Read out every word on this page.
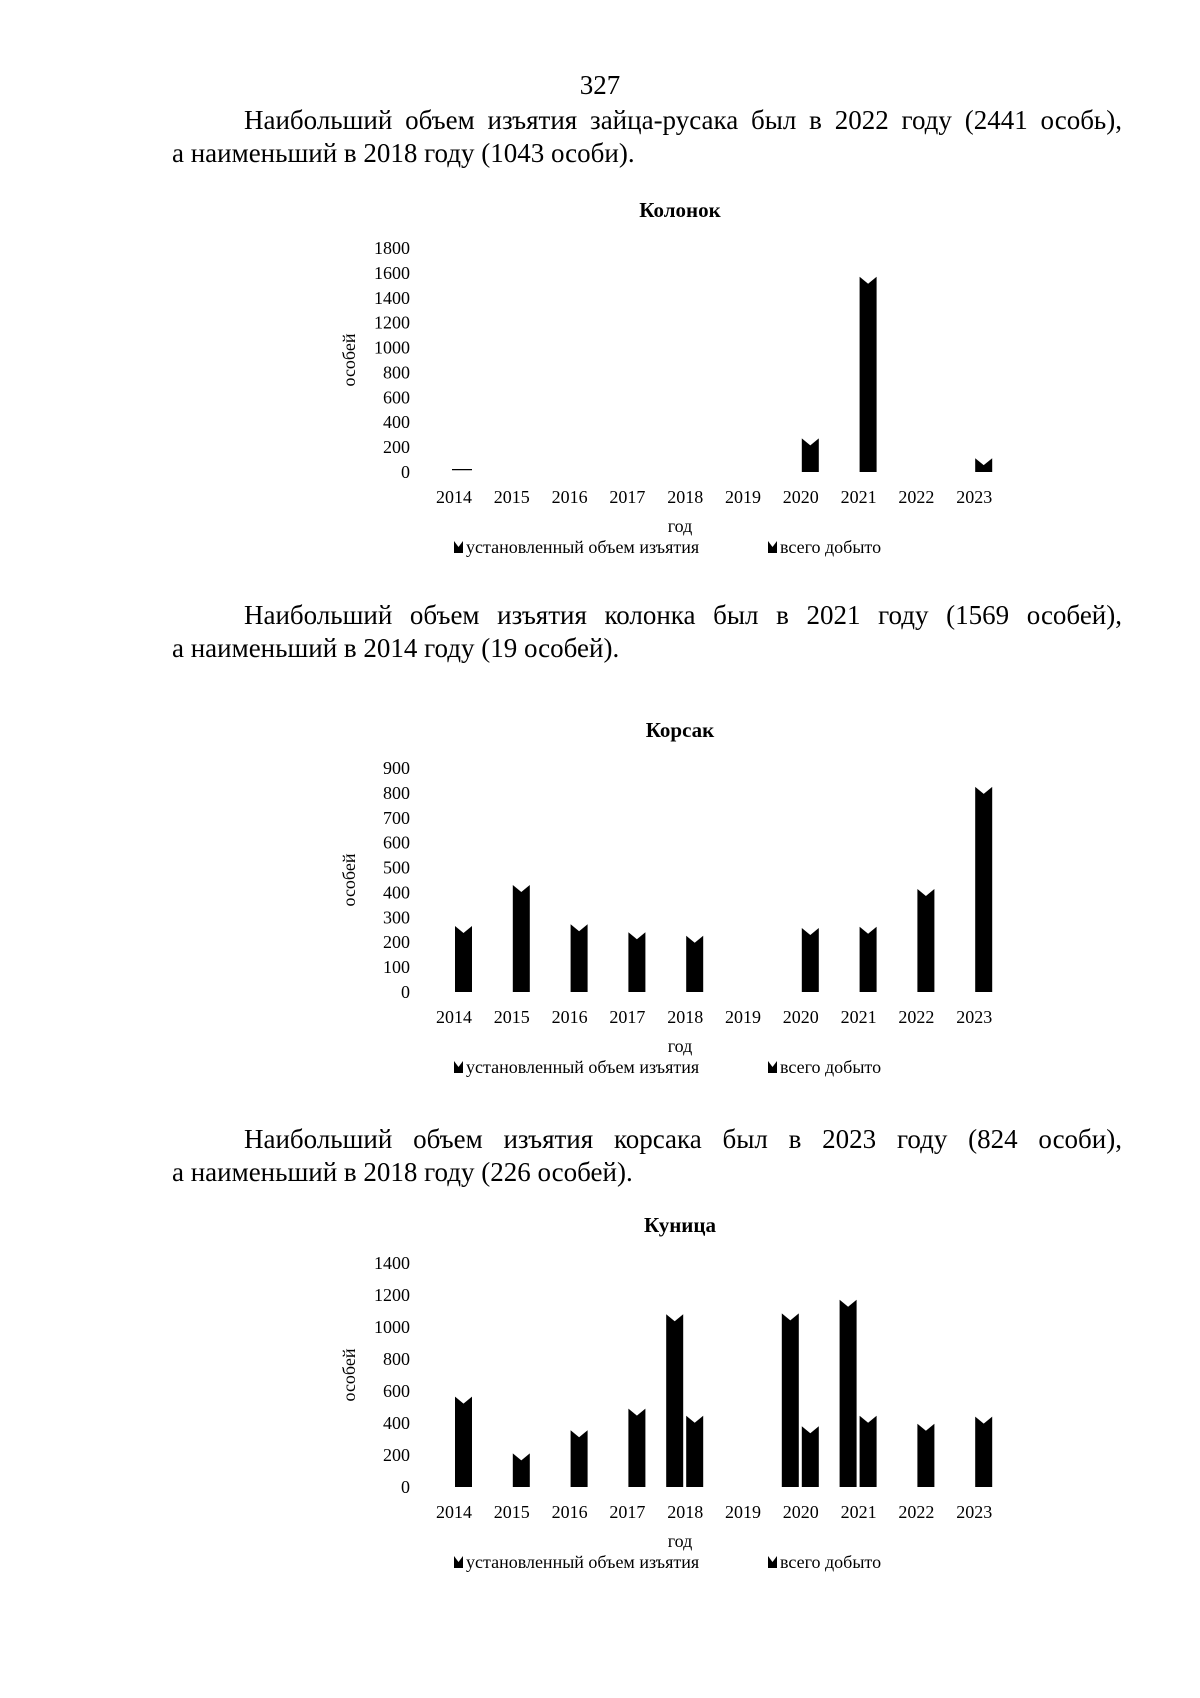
327

Наибольший объем изъятия зайца-русака был в 2022 году (2441 особь),
а наименьший в 2018 году (1043 особи).

Колонок
0
200
400
600
800
1000
1200
1400
1600
1800
особей
2014 2015 2016 2017 2018 2019 2020 2021 2022 2023
год
установленный объем изъятия	всего добыто

Наибольший объем изъятия колонка был в 2021 году (1569 особей),
а наименьший в 2014 году (19 особей).

Корсак
0
100
200
300
400
500
600
700
800
900
особей
2014 2015 2016 2017 2018 2019 2020 2021 2022 2023
год
установленный объем изъятия	всего добыто

Наибольший объем изъятия корсака был в 2023 году (824 особи),
а наименьший в 2018 году (226 особей).

Куница
0
200
400
600
800
1000
1200
1400
особей
2014 2015 2016 2017 2018 2019 2020 2021 2022 2023
год
установленный объем изъятия	всего добыто
